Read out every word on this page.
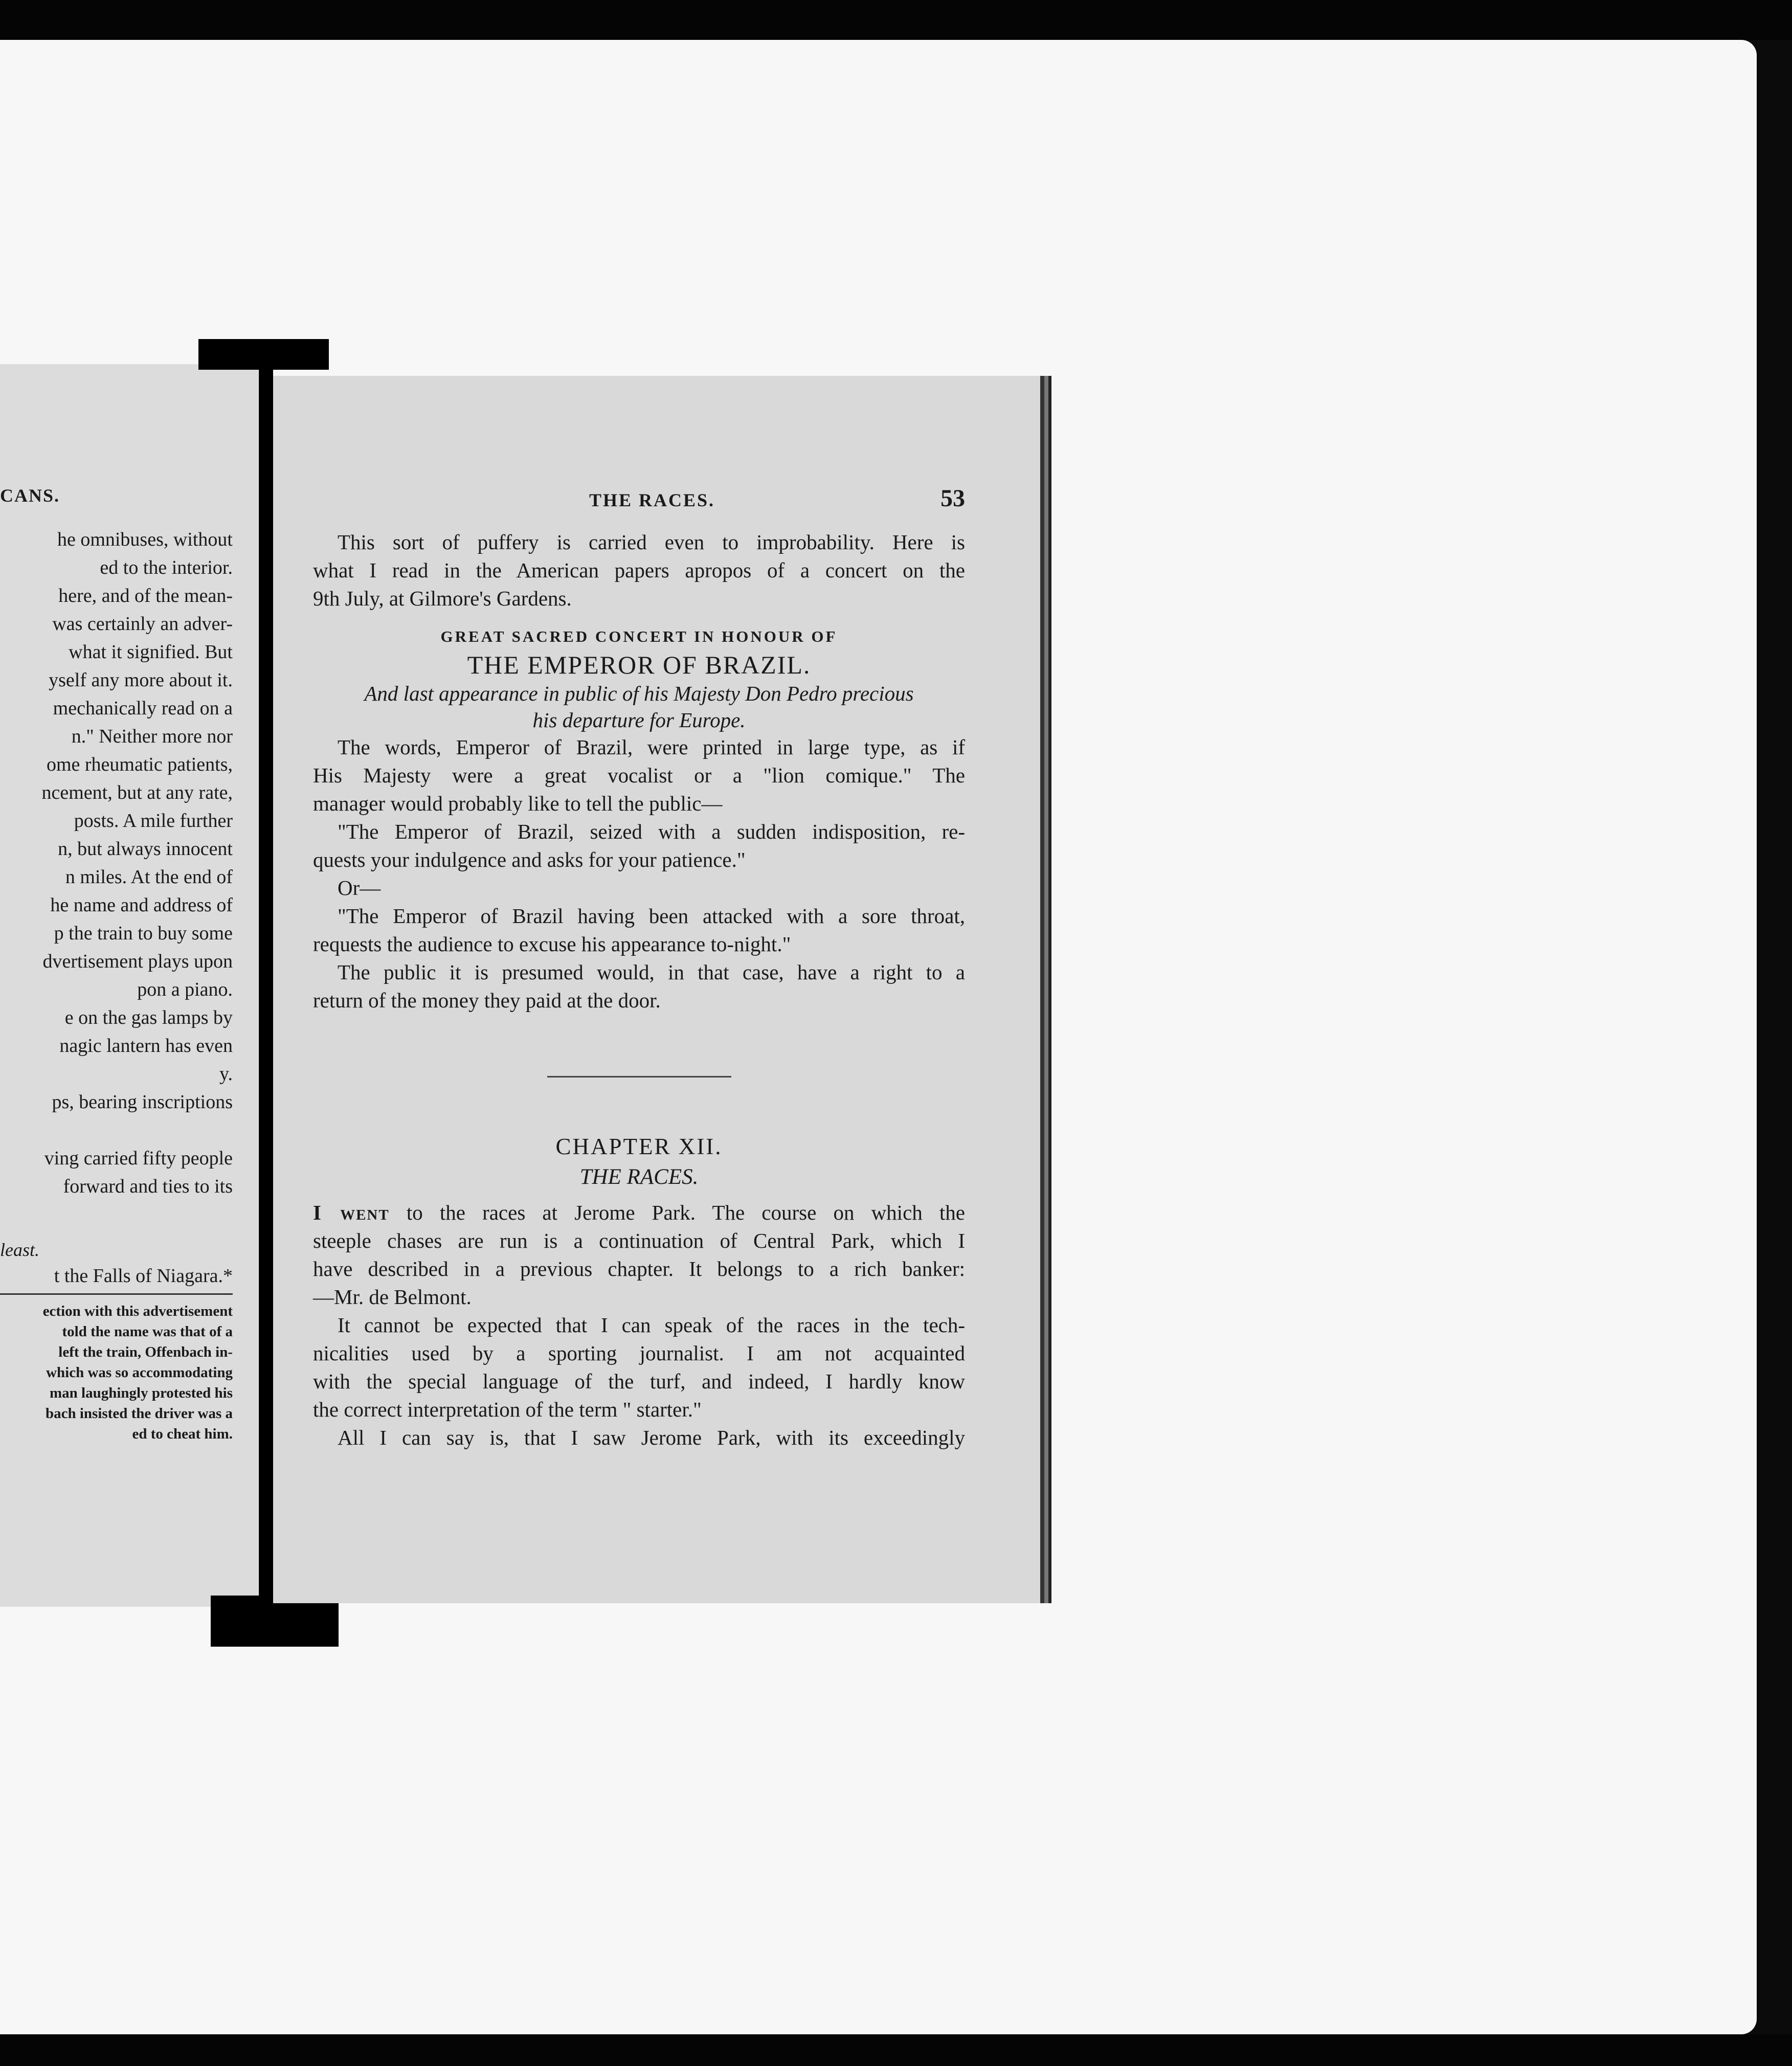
CANS.
he omnibuses, without
ed to the interior.
here, and of the mean-
was certainly an adver-
what it signified. But
yself any more about it.
mechanically read on a
n." Neither more nor
ome rheumatic patients,
ncement, but at any rate,
posts. A mile further
n, but always innocent
n miles. At the end of
he name and address of
p the train to buy some
dvertisement plays upon
pon a piano.
e on the gas lamps by
nagic lantern has even
y.
ps, bearing inscriptions
ving carried fifty people
forward and ties to its
least.
t the Falls of Niagara.*
ection with this advertisement
told the name was that of a
left the train, Offenbach in-
which was so accommodating
man laughingly protested his
bach insisted the driver was a
ed to cheat him.
THE RACES.	53

This sort of puffery is carried even to improbability. Here is

what I read in the American papers apropos of a concert on the

9th July, at Gilmore's Gardens.

GREAT SACRED CONCERT IN HONOUR OF
THE EMPEROR OF BRAZIL.

And last appearance in public of his Majesty Don Pedro precious

his departure for Europe.

The words, Emperor of Brazil, were printed in large type, as if

His Majesty were a great vocalist or a "lion comique." The

manager would probably like to tell the public—

"The Emperor of Brazil, seized with a sudden indisposition, re-

quests your indulgence and asks for your patience."

Or—

"The Emperor of Brazil having been attacked with a sore throat,

requests the audience to excuse his appearance to-night."

The public it is presumed would, in that case, have a right to a

return of the money they paid at the door.

CHAPTER XII.
THE RACES.

I went to the races at Jerome Park. The course on which the

steeple chases are run is a continuation of Central Park, which I

have described in a previous chapter. It belongs to a rich banker:

—Mr. de Belmont.

It cannot be expected that I can speak of the races in the tech-

nicalities used by a sporting journalist. I am not acquainted

with the special language of the turf, and indeed, I hardly know

the correct interpretation of the term " starter."

All I can say is, that I saw Jerome Park, with its exceedingly
